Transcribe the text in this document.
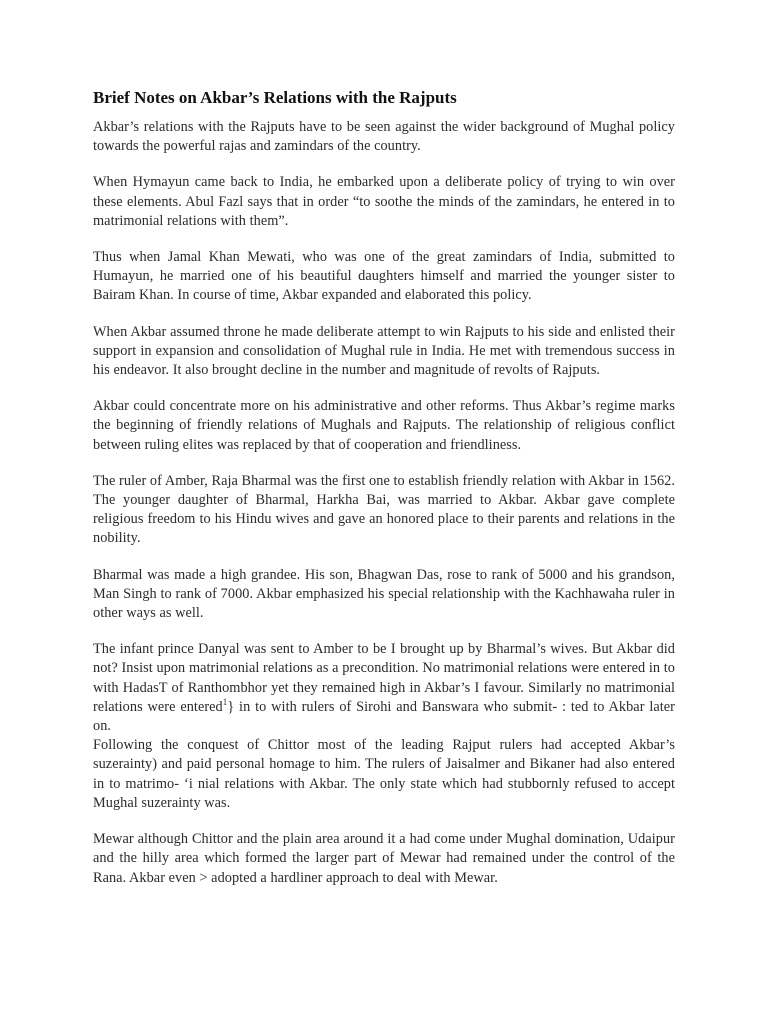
Brief Notes on Akbar’s Relations with the Rajputs

Akbar’s relations with the Rajputs have to be seen against the wider background of Mughal policy towards the powerful rajas and zamindars of the country.

When Hymayun came back to India, he embarked upon a deliberate policy of trying to win over these elements. Abul Fazl says that in order “to soothe the minds of the zamindars, he entered in to matrimonial relations with them”.

Thus when Jamal Khan Mewati, who was one of the great zamindars of India, submitted to Humayun, he married one of his beautiful daughters himself and married the younger sister to Bairam Khan. In course of time, Akbar expanded and elaborated this policy.

When Akbar assumed throne he made deliberate attempt to win Rajputs to his side and enlisted their support in expansion and consolidation of Mughal rule in India. He met with tremendous success in his endeavor. It also brought decline in the number and magnitude of revolts of Rajputs.

Akbar could concentrate more on his administrative and other reforms. Thus Akbar’s regime marks the beginning of friendly relations of Mughals and Rajputs. The relationship of religious conflict between ruling elites was replaced by that of cooperation and friendliness.

The ruler of Amber, Raja Bharmal was the first one to establish friendly relation with Akbar in 1562. The younger daughter of Bharmal, Harkha Bai, was married to Akbar. Akbar gave complete religious freedom to his Hindu wives and gave an honored place to their parents and relations in the nobility.

Bharmal was made a high grandee. His son, Bhagwan Das, rose to rank of 5000 and his grandson, Man Singh to rank of 7000. Akbar emphasized his special relationship with the Kachhawaha ruler in other ways as well.

The infant prince Danyal was sent to Amber to be I brought up by Bharmal’s wives. But Akbar did not? Insist upon matrimonial relations as a precondition. No matrimonial relations were entered in to with HadasT of Ranthombhor yet they remained high in Akbar’s I favour. Similarly no matrimonial relations were entered$^1$} in to with rulers of Sirohi and Banswara who submit- : ted to Akbar later on.

Following the conquest of Chittor most of the leading Rajput rulers had accepted Akbar’s suzerainty) and paid personal homage to him. The rulers of Jaisalmer and Bikaner had also entered in to matrimo- ‘i nial relations with Akbar. The only state which had stubbornly refused to accept Mughal suzerainty was.

Mewar although Chittor and the plain area around it a had come under Mughal domination, Udaipur and the hilly area which formed the larger part of Mewar had remained under the control of the Rana. Akbar even > adopted a hardliner approach to deal with Mewar.
